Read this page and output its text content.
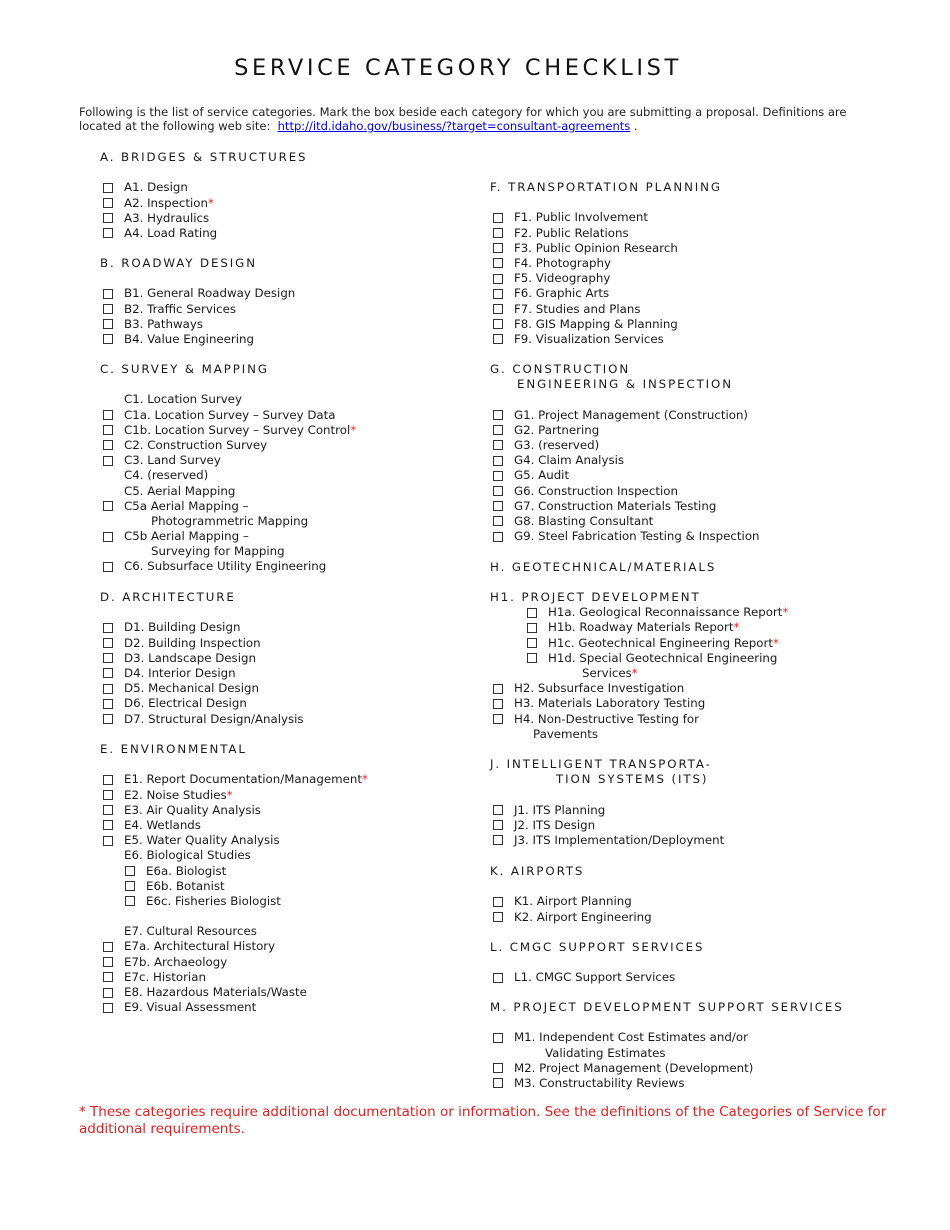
SERVICE CATEGORY CHECKLIST

Following is the list of service categories. Mark the box beside each category for which you are submitting a proposal. Definitions are located at the following web site: http://itd.idaho.gov/business/?target=consultant-agreements .

A. BRIDGES & STRUCTURES
A1. Design
A2. Inspection*
A3. Hydraulics
A4. Load Rating
B. ROADWAY DESIGN
B1. General Roadway Design
B2. Traffic Services
B3. Pathways
B4. Value Engineering
C. SURVEY & MAPPING
C1. Location Survey
C1a. Location Survey – Survey Data
C1b. Location Survey – Survey Control*
C2. Construction Survey
C3. Land Survey
C4. (reserved)
C5. Aerial Mapping
C5a Aerial Mapping –
Photogrammetric Mapping
C5b Aerial Mapping –
Surveying for Mapping
C6. Subsurface Utility Engineering
D. ARCHITECTURE
D1. Building Design
D2. Building Inspection
D3. Landscape Design
D4. Interior Design
D5. Mechanical Design
D6. Electrical Design
D7. Structural Design/Analysis
E. ENVIRONMENTAL
E1. Report Documentation/Management*
E2. Noise Studies*
E3. Air Quality Analysis
E4. Wetlands
E5. Water Quality Analysis
E6. Biological Studies
E6a. Biologist
E6b. Botanist
E6c. Fisheries Biologist
E7. Cultural Resources
E7a. Architectural History
E7b. Archaeology
E7c. Historian
E8. Hazardous Materials/Waste
E9. Visual Assessment
F. TRANSPORTATION PLANNING
F1. Public Involvement
F2. Public Relations
F3. Public Opinion Research
F4. Photography
F5. Videography
F6. Graphic Arts
F7. Studies and Plans
F8. GIS Mapping & Planning
F9. Visualization Services
G. CONSTRUCTION
ENGINEERING & INSPECTION
G1. Project Management (Construction)
G2. Partnering
G3. (reserved)
G4. Claim Analysis
G5. Audit
G6. Construction Inspection
G7. Construction Materials Testing
G8. Blasting Consultant
G9. Steel Fabrication Testing & Inspection
H. GEOTECHNICAL/MATERIALS
H1. PROJECT DEVELOPMENT
H1a. Geological Reconnaissance Report*
H1b. Roadway Materials Report*
H1c. Geotechnical Engineering Report*
H1d. Special Geotechnical Engineering
Services*
H2. Subsurface Investigation
H3. Materials Laboratory Testing
H4. Non-Destructive Testing for
Pavements
J. INTELLIGENT TRANSPORTA-
TION SYSTEMS (ITS)
J1. ITS Planning
J2. ITS Design
J3. ITS Implementation/Deployment
K. AIRPORTS
K1. Airport Planning
K2. Airport Engineering
L. CMGC SUPPORT SERVICES
L1. CMGC Support Services
M. PROJECT DEVELOPMENT SUPPORT SERVICES
M1. Independent Cost Estimates and/or
Validating Estimates
M2. Project Management (Development)
M3. Constructability Reviews
* These categories require additional documentation or information. See the definitions of the Categories of Service for additional requirements.
